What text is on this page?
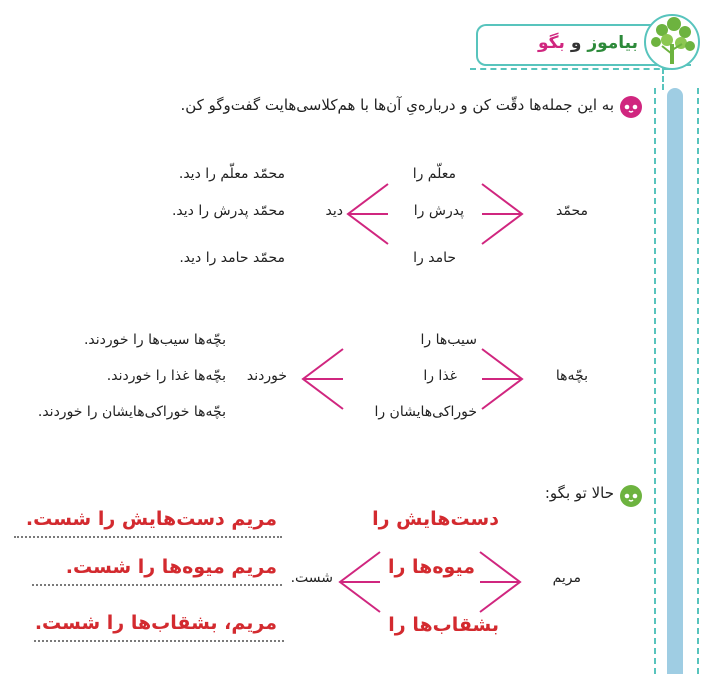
بیاموز و بگو
به این جمله‌ها دقّت کن و درباره‌یِ آن‌ها با هم‌کلاسی‌هایت گفت‌وگو کن.
محمّد
معلّم را
پدرش را
حامد را
دید
محمّد معلّم را دید.
محمّد پدرش را دید.
محمّد حامد را دید.
بچّه‌ها
سیب‌ها را
غذا را
خوراکی‌هایشان را
خوردند
بچّه‌ها سیب‌ها را خوردند.
بچّه‌ها غذا را خوردند.
بچّه‌ها خوراکی‌هایشان را خوردند.
حالا تو بگو:
مریم
دست‌هایش را
میوه‌ها را
بشقاب‌ها را
شست.
مریم دست‌هایش را شست.
مریم میوه‌ها را شست.
مریم، بشقاب‌ها را شست.
